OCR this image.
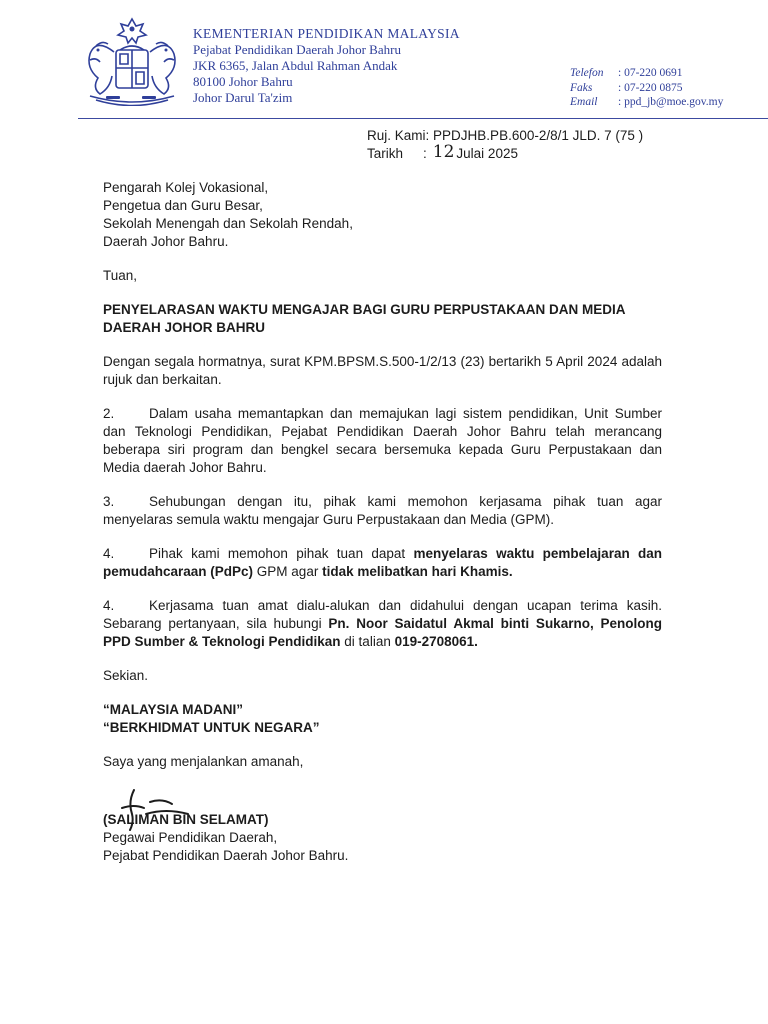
KEMENTERIAN PENDIDIKAN MALAYSIA
Pejabat Pendidikan Daerah Johor Bahru
JKR 6365, Jalan Abdul Rahman Andak
80100 Johor Bahru
Johor Darul Ta'zim
Telefon	: 07-220 0691
Faks	: 07-220 0875
Email	: ppd_jb@moe.gov.my
Ruj. Kami:
PPDJHB.PB.600-2/8/1 JLD. 7 (75 )
Tarikh : 12 Julai 2025

Pengarah Kolej Vokasional,

Pengetua dan Guru Besar,

Sekolah Menengah dan Sekolah Rendah,

Daerah Johor Bahru.

Tuan,

PENYELARASAN WAKTU MENGAJAR BAGI GURU PERPUSTAKAAN DAN MEDIA DAERAH JOHOR BAHRU

Dengan segala hormatnya, surat KPM.BPSM.S.500-1/2/13 (23) bertarikh 5 April 2024 adalah rujuk dan berkaitan.

2.	Dalam usaha memantapkan dan memajukan lagi sistem pendidikan, Unit Sumber dan Teknologi Pendidikan, Pejabat Pendidikan Daerah Johor Bahru telah merancang beberapa siri program dan bengkel secara bersemuka kepada Guru Perpustakaan dan Media daerah Johor Bahru.

3.	Sehubungan dengan itu, pihak kami memohon kerjasama pihak tuan agar menyelaras semula waktu mengajar Guru Perpustakaan dan Media (GPM).

4.	Pihak kami memohon pihak tuan dapat menyelaras waktu pembelajaran dan pemudahcaraan (PdPc) GPM agar tidak melibatkan hari Khamis.

4.	Kerjasama tuan amat dialu-alukan dan didahului dengan ucapan terima kasih. Sebarang pertanyaan, sila hubungi Pn. Noor Saidatul Akmal binti Sukarno, Penolong PPD Sumber & Teknologi Pendidikan di talian 019-2708061.

Sekian.

“MALAYSIA MADANI”

“BERKHIDMAT UNTUK NEGARA”

Saya yang menjalankan amanah,

(SALIMAN BIN SELAMAT)

Pegawai Pendidikan Daerah,

Pejabat Pendidikan Daerah Johor Bahru.
